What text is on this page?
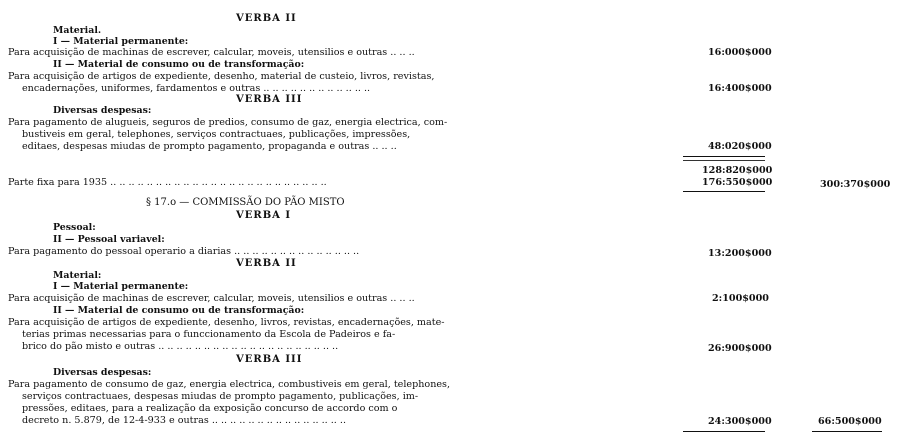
VERBA II
Material.
I — Material permanente:
Para acquisição de machinas de escrever, calcular, moveis, utensilios e outras .. .. ..	16:000$000
II — Material de consumo ou de transformação:
Para acquisição de artigos de expediente, desenho, material de custeio, livros, revistas,
encadernações, uniformes, fardamentos e outras .. .. .. .. .. .. .. .. .. .. .. ..	16:400$000
VERBA III
Diversas despesas:
Para pagamento de alugueis, seguros de predios, consumo de gaz, energia electrica, com-
bustiveis em geral, telephones, serviços contractuaes, publicações, impressões,
editaes, despesas miudas de prompto pagamento, propaganda e outras .. .. ..	48:020$000
128:820$000
Parte fixa para 1935 .. .. .. .. .. .. .. .. .. .. .. .. .. .. .. .. .. .. .. .. .. .. .. ..	176:550$000	300:370$000
§ 17.o — COMMISSÃO DO PÃO MISTO
VERBA I
Pessoal:
II — Pessoal variavel:
Para pagamento do pessoal operario a diarias .. .. .. .. .. .. .. .. .. .. .. .. .. ..	13:200$000
VERBA II
Material:
I — Material permanente:
Para acquisição de machinas de escrever, calcular, moveis, utensilios e outras .. .. ..	2:100$000
II — Material de consumo ou de transformação:
Para acquisição de artigos de expediente, desenho, livros, revistas, encadernações, mate-
terias primas necessarias para o funccionamento da Escola de Padeiros e fa-
brico do pão misto e outras .. .. .. .. .. .. .. .. .. .. .. .. .. .. .. .. .. .. .. ..	26:900$000
VERBA III
Diversas despesas:
Para pagamento de consumo de gaz, energia electrica, combustiveis em geral, telephones,
serviços contractuaes, despesas miudas de prompto pagamento, publicações, im-
pressões, editaes, para a realização da exposição concurso de accordo com o
decreto n. 5.879, de 12-4-933 e outras .. .. .. .. .. .. .. .. .. .. .. .. .. .. ..	24:300$000	66:500$000
